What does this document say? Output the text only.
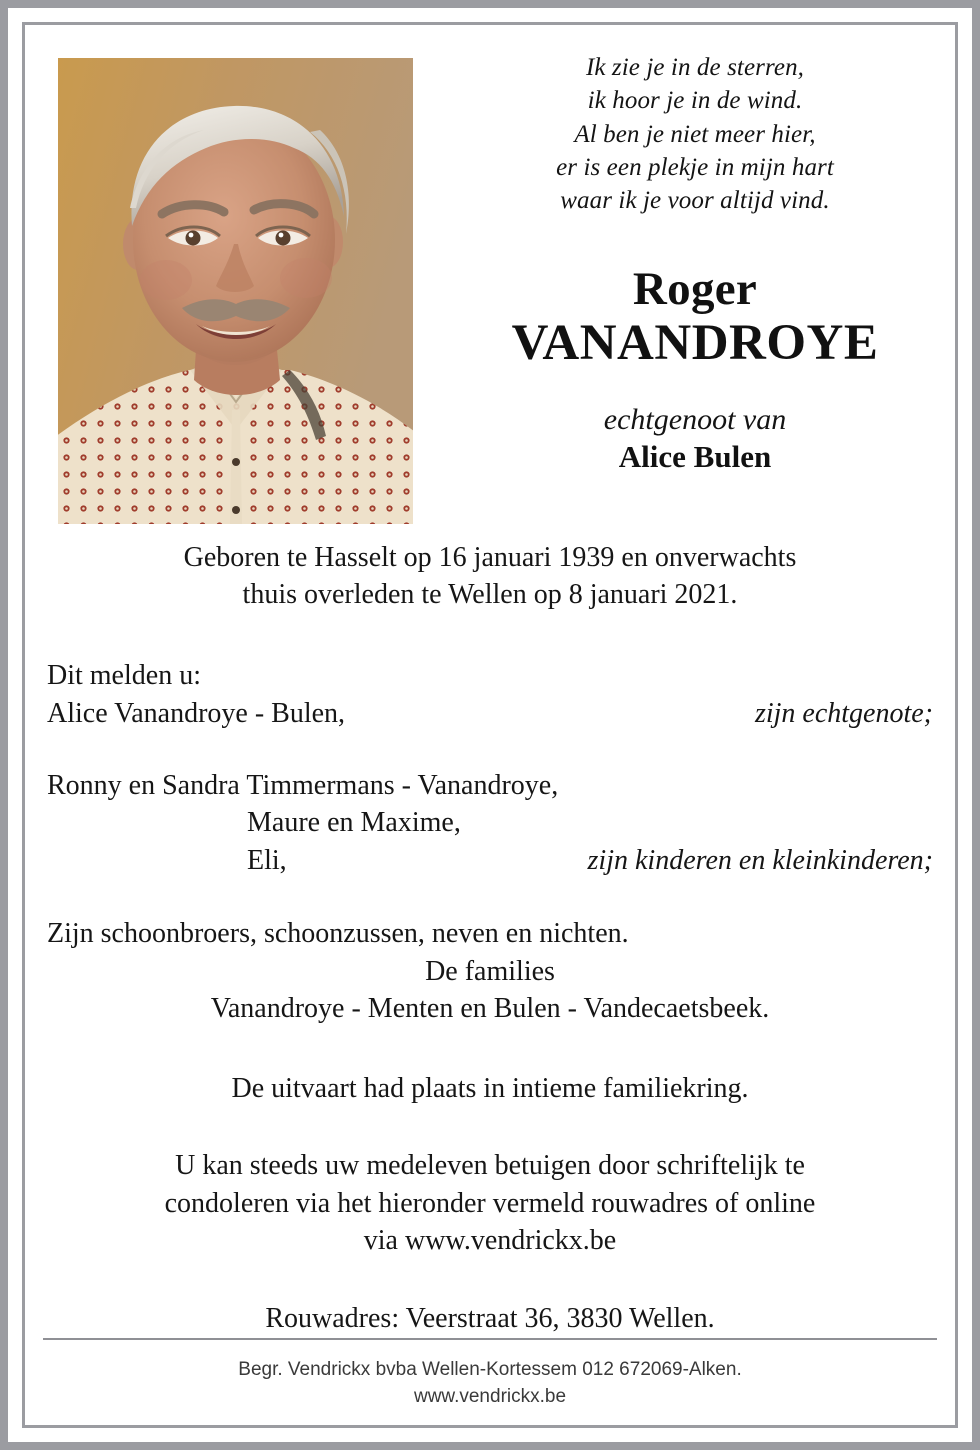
Ik zie je in de sterren,
ik hoor je in de wind.
Al ben je niet meer hier,
er is een plekje in mijn hart
waar ik je voor altijd vind.
Roger
VANANDROYE
echtgenoot van
Alice Bulen
Geboren te Hasselt op 16 januari 1939 en onverwachts
thuis overleden te Wellen op 8 januari 2021.
Dit melden u:
Alice Vanandroye - Bulen,	zijn echtgenote;
Ronny en Sandra Timmermans - Vanandroye,
Maure en Maxime,
Eli,	zijn kinderen en kleinkinderen;
Zijn schoonbroers, schoonzussen, neven en nichten.
De families
Vanandroye - Menten en Bulen - Vandecaetsbeek.
De uitvaart had plaats in intieme familiekring.
U kan steeds uw medeleven betuigen door schriftelijk te
condoleren via het hieronder vermeld rouwadres of online
via www.vendrickx.be
Rouwadres: Veerstraat 36, 3830 Wellen.
Begr. Vendrickx bvba Wellen-Kortessem 012 672069-Alken.
www.vendrickx.be
